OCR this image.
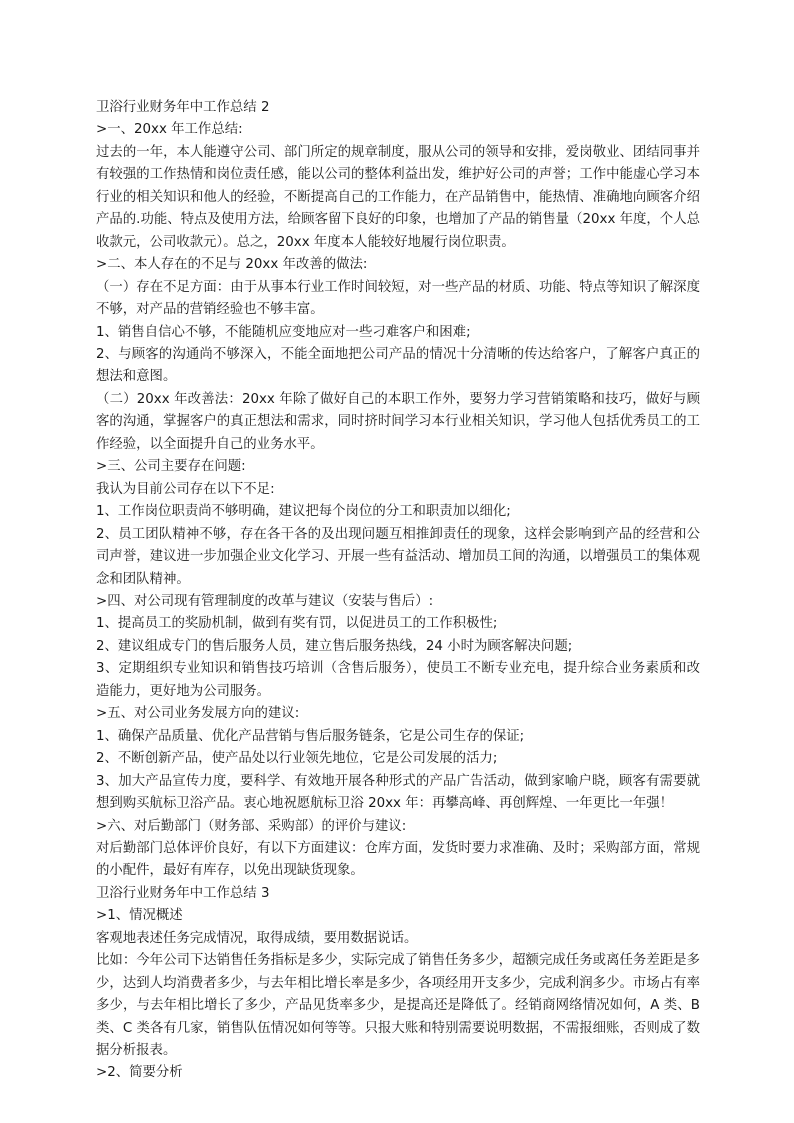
卫浴行业财务年中工作总结 2

>一、20xx 年工作总结:

过去的一年，本人能遵守公司、部门所定的规章制度，服从公司的领导和安排，爱岗敬业、团结同事并有较强的工作热情和岗位责任感，能以公司的整体利益出发，维护好公司的声誉；工作中能虚心学习本行业的相关知识和他人的经验，不断提高自己的工作能力，在产品销售中，能热情、准确地向顾客介绍产品的.功能、特点及使用方法，给顾客留下良好的印象，也增加了产品的销售量（20xx 年度，个人总收款元，公司收款元）。总之，20xx 年度本人能较好地履行岗位职责。

>二、本人存在的不足与 20xx 年改善的做法:

（一）存在不足方面：由于从事本行业工作时间较短，对一些产品的材质、功能、特点等知识了解深度不够，对产品的营销经验也不够丰富。

1、销售自信心不够，不能随机应变地应对一些刁难客户和困难;

2、与顾客的沟通尚不够深入，不能全面地把公司产品的情况十分清晰的传达给客户，了解客户真正的想法和意图。

（二）20xx 年改善法：20xx 年除了做好自己的本职工作外，要努力学习营销策略和技巧，做好与顾客的沟通，掌握客户的真正想法和需求，同时挤时间学习本行业相关知识，学习他人包括优秀员工的工作经验，以全面提升自己的业务水平。

>三、公司主要存在问题:

我认为目前公司存在以下不足:

1、工作岗位职责尚不够明确，建议把每个岗位的分工和职责加以细化;

2、员工团队精神不够，存在各干各的及出现问题互相推卸责任的现象，这样会影响到产品的经营和公司声誉，建议进一步加强企业文化学习、开展一些有益活动、增加员工间的沟通，以增强员工的集体观念和团队精神。

>四、对公司现有管理制度的改革与建议（安装与售后）:

1、提高员工的奖励机制，做到有奖有罚，以促进员工的工作积极性;

2、建议组成专门的售后服务人员，建立售后服务热线，24 小时为顾客解决问题;

3、定期组织专业知识和销售技巧培训（含售后服务），使员工不断专业充电，提升综合业务素质和改造能力，更好地为公司服务。

>五、对公司业务发展方向的建议:

1、确保产品质量、优化产品营销与售后服务链条，它是公司生存的保证;

2、不断创新产品，使产品处以行业领先地位，它是公司发展的活力;

3、加大产品宣传力度，要科学、有效地开展各种形式的产品广告活动，做到家喻户晓，顾客有需要就想到购买航标卫浴产品。衷心地祝愿航标卫浴 20xx 年：再攀高峰、再创辉煌、一年更比一年强！

>六、对后勤部门（财务部、采购部）的评价与建议:

对后勤部门总体评价良好，有以下方面建议：仓库方面，发货时要力求准确、及时；采购部方面，常规的小配件，最好有库存，以免出现缺货现象。

卫浴行业财务年中工作总结 3

>1、情况概述

客观地表述任务完成情况，取得成绩，要用数据说话。

比如：今年公司下达销售任务指标是多少，实际完成了销售任务多少，超额完成任务或离任务差距是多少，达到人均消费者多少，与去年相比增长率是多少，各项经用开支多少，完成利润多少。市场占有率多少，与去年相比增长了多少，产品见货率多少，是提高还是降低了。经销商网络情况如何，A 类、B 类、C 类各有几家，销售队伍情况如何等等。只报大账和特别需要说明数据，不需报细账，否则成了数据分析报表。

>2、简要分析
